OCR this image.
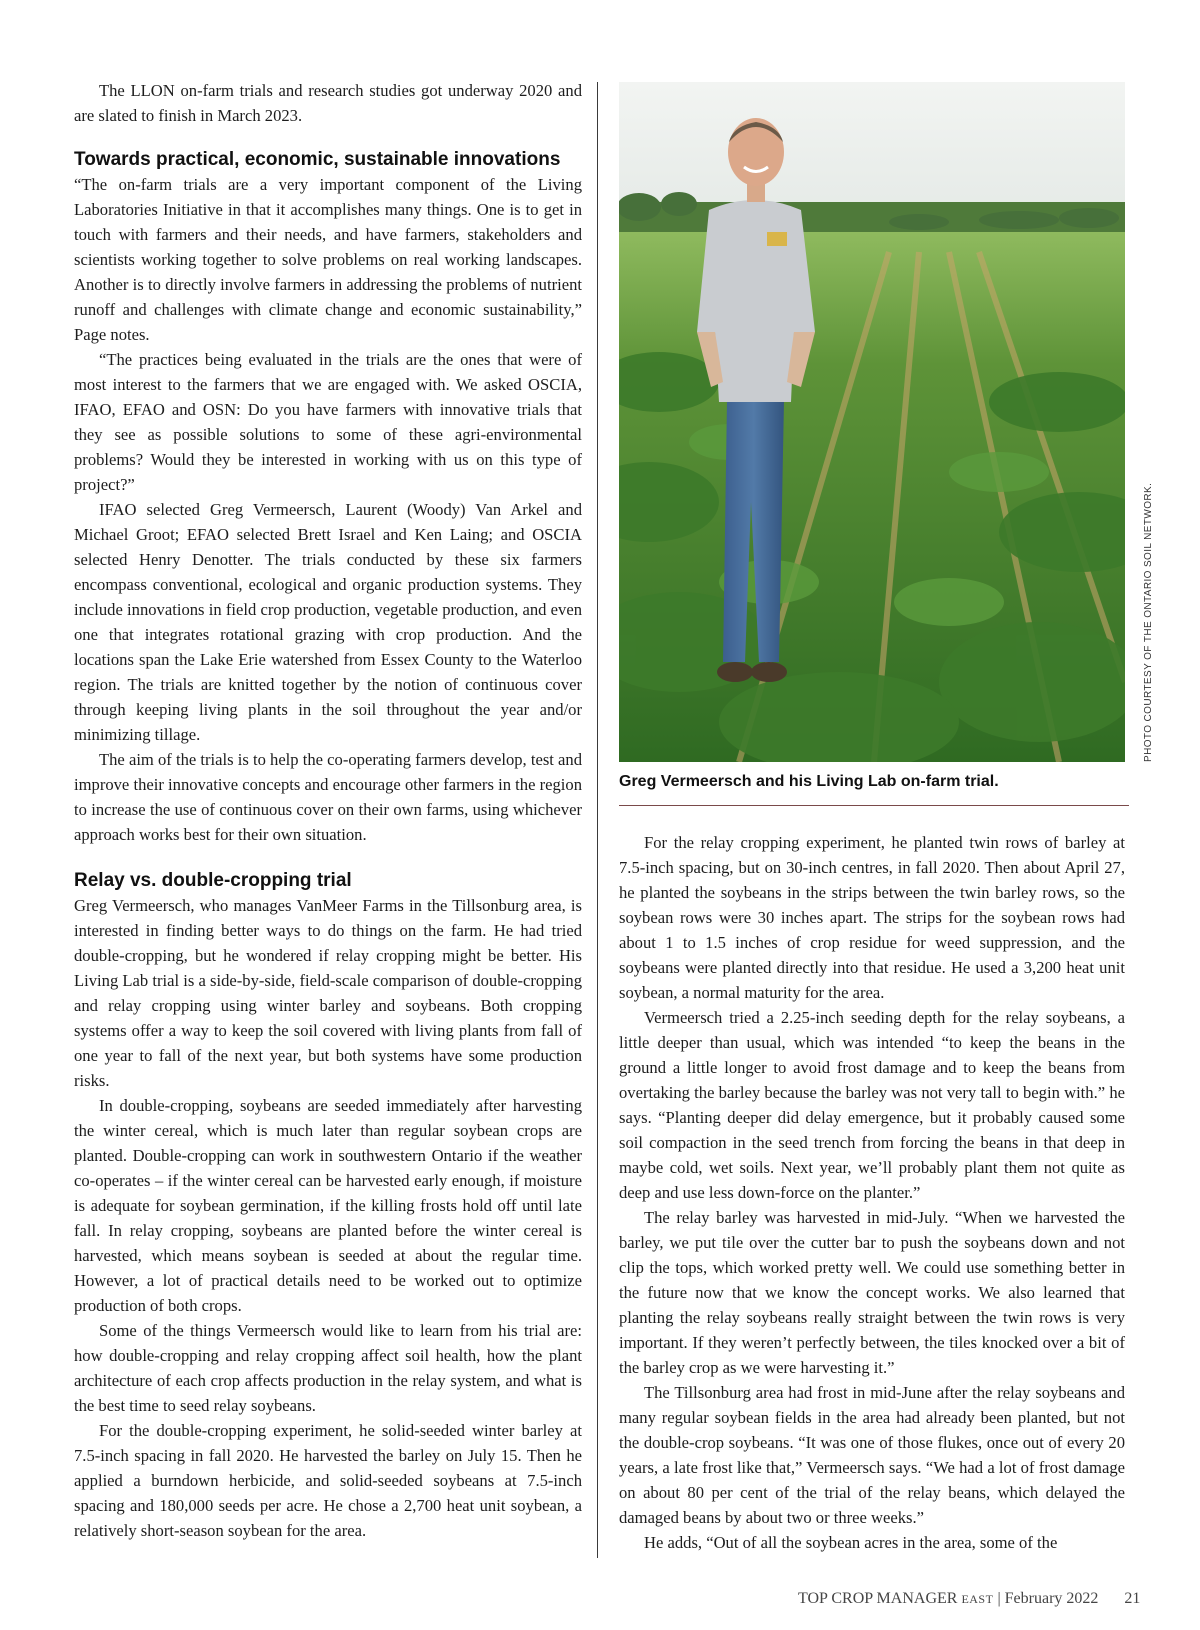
The LLON on-farm trials and research studies got underway 2020 and are slated to finish in March 2023.

Towards practical, economic, sustainable innovations

“The on-farm trials are a very important component of the Living Laboratories Initiative in that it accomplishes many things. One is to get in touch with farmers and their needs, and have farmers, stakeholders and scientists working together to solve problems on real working landscapes. Another is to directly involve farmers in addressing the problems of nutrient runoff and challenges with climate change and economic sustainability,” Page notes.

“The practices being evaluated in the trials are the ones that were of most interest to the farmers that we are engaged with. We asked OSCIA, IFAO, EFAO and OSN: Do you have farmers with innovative trials that they see as possible solutions to some of these agri-environmental problems? Would they be interested in working with us on this type of project?”

IFAO selected Greg Vermeersch, Laurent (Woody) Van Arkel and Michael Groot; EFAO selected Brett Israel and Ken Laing; and OSCIA selected Henry Denotter. The trials conducted by these six farmers encompass conventional, ecological and organic production systems. They include innovations in field crop production, vegetable production, and even one that integrates rotational grazing with crop production. And the locations span the Lake Erie watershed from Essex County to the Waterloo region. The trials are knitted together by the notion of continuous cover through keeping living plants in the soil throughout the year and/or minimizing tillage.

The aim of the trials is to help the co-operating farmers develop, test and improve their innovative concepts and encourage other farmers in the region to increase the use of continuous cover on their own farms, using whichever approach works best for their own situation.

Relay vs. double-cropping trial

Greg Vermeersch, who manages VanMeer Farms in the Tillsonburg area, is interested in finding better ways to do things on the farm. He had tried double-cropping, but he wondered if relay cropping might be better. His Living Lab trial is a side-by-side, field-scale comparison of double-cropping and relay cropping using winter barley and soybeans. Both cropping systems offer a way to keep the soil covered with living plants from fall of one year to fall of the next year, but both systems have some production risks.

In double-cropping, soybeans are seeded immediately after harvesting the winter cereal, which is much later than regular soybean crops are planted. Double-cropping can work in southwestern Ontario if the weather co-operates – if the winter cereal can be harvested early enough, if moisture is adequate for soybean germination, if the killing frosts hold off until late fall. In relay cropping, soybeans are planted before the winter cereal is harvested, which means soybean is seeded at about the regular time. However, a lot of practical details need to be worked out to optimize production of both crops.

Some of the things Vermeersch would like to learn from his trial are: how double-cropping and relay cropping affect soil health, how the plant architecture of each crop affects production in the relay system, and what is the best time to seed relay soybeans.

For the double-cropping experiment, he solid-seeded winter barley at 7.5-inch spacing in fall 2020. He harvested the barley on July 15. Then he applied a burndown herbicide, and solid-seeded soybeans at 7.5-inch spacing and 180,000 seeds per acre. He chose a 2,700 heat unit soybean, a relatively short-season soybean for the area.

PHOTO COURTESY OF THE ONTARIO SOIL NETWORK.
Greg Vermeersch and his Living Lab on-farm trial.

For the relay cropping experiment, he planted twin rows of barley at 7.5-inch spacing, but on 30-inch centres, in fall 2020. Then about April 27, he planted the soybeans in the strips between the twin barley rows, so the soybean rows were 30 inches apart. The strips for the soybean rows had about 1 to 1.5 inches of crop residue for weed suppression, and the soybeans were planted directly into that residue. He used a 3,200 heat unit soybean, a normal maturity for the area.

Vermeersch tried a 2.25-inch seeding depth for the relay soybeans, a little deeper than usual, which was intended “to keep the beans in the ground a little longer to avoid frost damage and to keep the beans from overtaking the barley because the barley was not very tall to begin with.” he says. “Planting deeper did delay emergence, but it probably caused some soil compaction in the seed trench from forcing the beans in that deep in maybe cold, wet soils. Next year, we’ll probably plant them not quite as deep and use less down-force on the planter.”

The relay barley was harvested in mid-July. “When we harvested the barley, we put tile over the cutter bar to push the soybeans down and not clip the tops, which worked pretty well. We could use something better in the future now that we know the concept works. We also learned that planting the relay soybeans really straight between the twin rows is very important. If they weren’t perfectly between, the tiles knocked over a bit of the barley crop as we were harvesting it.”

The Tillsonburg area had frost in mid-June after the relay soybeans and many regular soybean fields in the area had already been planted, but not the double-crop soybeans. “It was one of those flukes, once out of every 20 years, a late frost like that,” Vermeersch says. “We had a lot of frost damage on about 80 per cent of the trial of the relay beans, which delayed the damaged beans by about two or three weeks.”

He adds, “Out of all the soybean acres in the area, some of the

TOP CROP MANAGER EAST | February 2022 21
